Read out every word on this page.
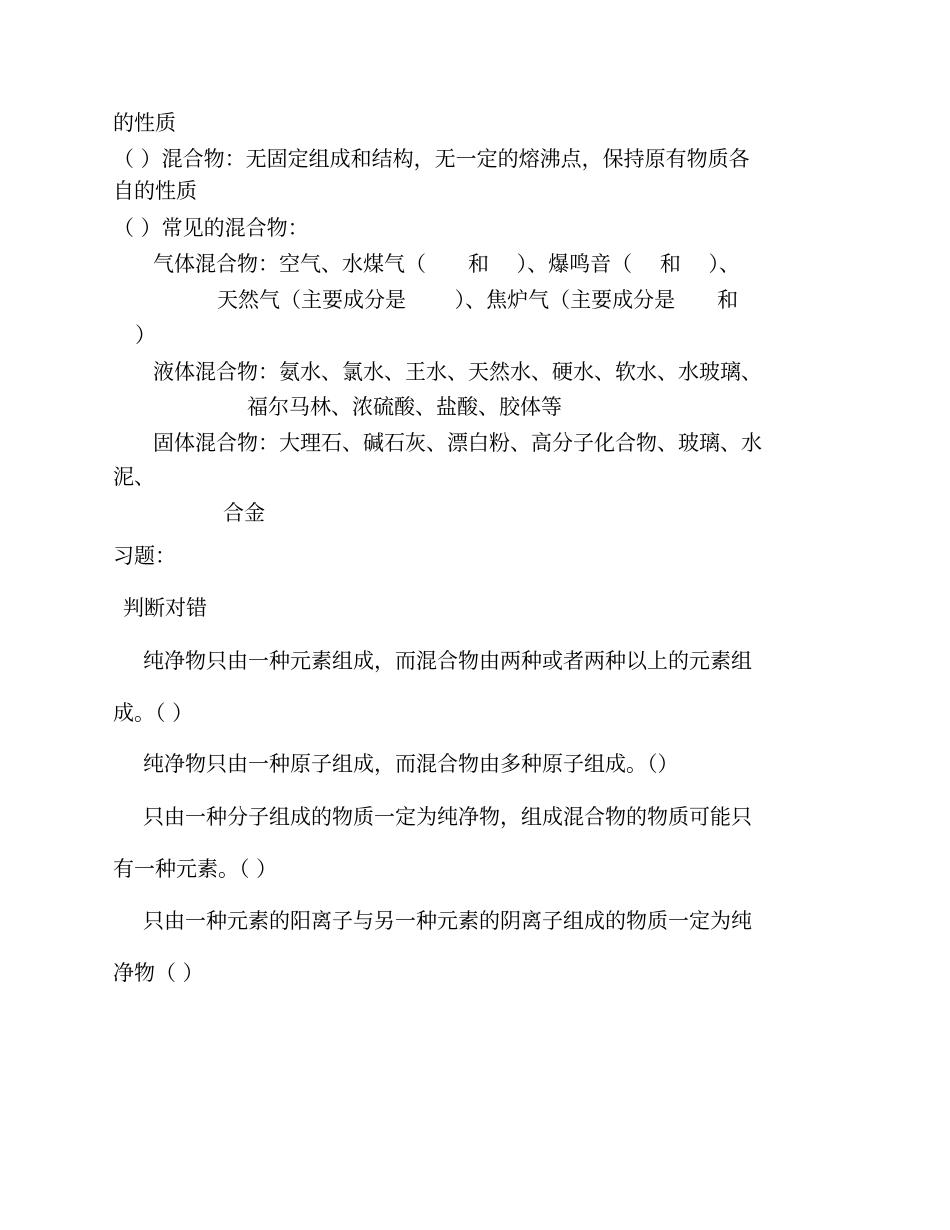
的性质
（ ）混合物：无固定组成和结构，无一定的熔沸点，保持原有物质各
自的性质
（ ）常见的混合物：
气体混合物：空气、水煤气（　　和　 ）、爆鸣音（　 和　 ）、
天然气（主要成分是　　 ）、焦炉气（主要成分是　　和
）
液体混合物：氨水、氯水、王水、天然水、硬水、软水、水玻璃、
福尔马林、浓硫酸、盐酸、胶体等
固体混合物：大理石、碱石灰、漂白粉、高分子化合物、玻璃、水
泥、
合金
习题：
判断对错
纯净物只由一种元素组成，而混合物由两种或者两种以上的元素组
成。（ ）
纯净物只由一种原子组成，而混合物由多种原子组成。（）
只由一种分子组成的物质一定为纯净物，组成混合物的物质可能只
有一种元素。（ ）
只由一种元素的阳离子与另一种元素的阴离子组成的物质一定为纯
净物（ ）
